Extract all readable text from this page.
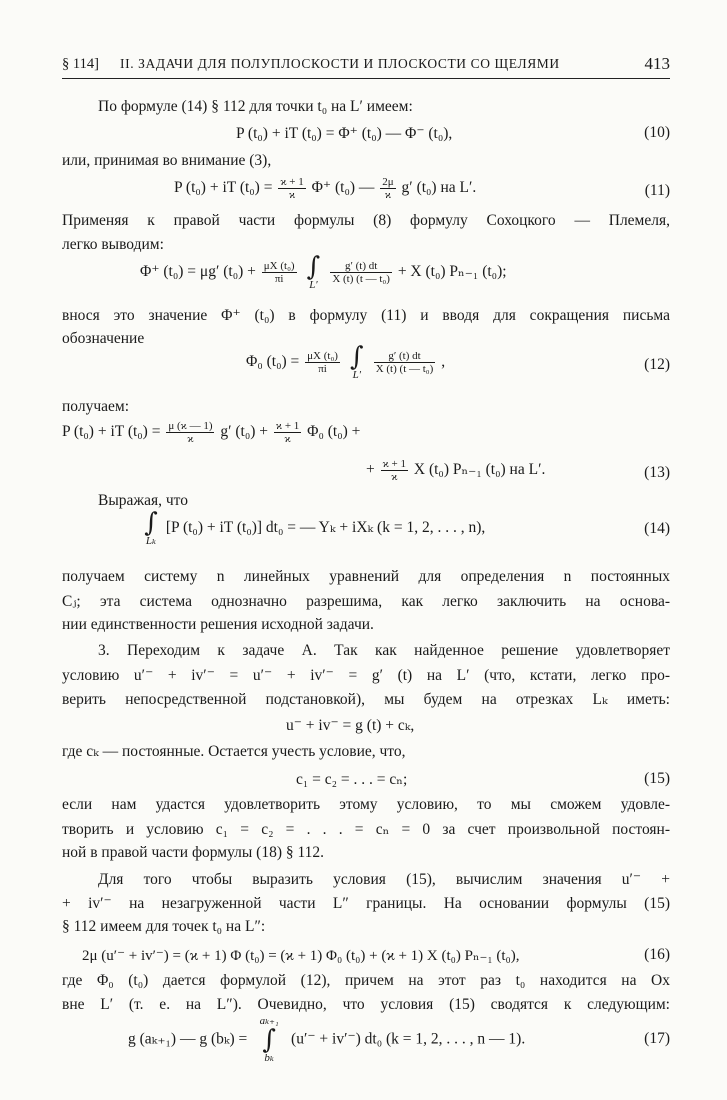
§ 114] II. ЗАДАЧИ ДЛЯ ПОЛУПЛОСКОСТИ И ПЛОСКОСТИ СО ЩЕЛЯМИ	413
По формуле (14) § 112 для точки t₀ на L′ имеем:
P (t₀) + iT (t₀) = Φ⁺ (t₀) — Φ⁻ (t₀),	(10)
или, принимая во внимание (3),
P (t₀) + iT $(t_0) = \frac{ϰ + 1}{ϰ} \Phi^+$ (t₀) — $\frac{2\mu}{ϰ} g'$ (t₀) на L′.	(11)
Применяя к правой части формулы (8) формулу Сохоцкого — Племеля,
легко выводим:
Φ⁺ (t₀) = μg′ $(t_0) + \frac{\text{μX (t₀)}}{\pi i}$
∫
L′
	$\frac{g' (t) dt}{\text{X (t) (t — t₀)}} + X$ (t₀) Pₙ₋₁ (t₀);
внося это значение Φ⁺ (t₀) в формулу (11) и вводя для сокращения письма
обозначение
Φ₀ $(t_0) = \frac{\text{μX (t₀)}}{\pi i}$
∫
L′
	$\frac{g' (t) dt}{\text{X (t) (t — t₀)}}$ ,	(12)
получаем:
P (t₀) + iT $(t_0) = \frac{\mu (ϰ — 1)}{ϰ} g'$ $(t_0) + \frac{ϰ + 1}{ϰ} \Phi_0$ (t₀) +
+ $\frac{ϰ + 1}{ϰ}$ X (t₀) Pₙ₋₁ (t₀) на L′.	(13)
Выражая, что
∫
Lₖ
[P (t₀) + iT (t₀)] dt₀ = — Yₖ + iXₖ (k = 1, 2, . . . , n),	(14)
получаем систему n линейных уравнений для определения n постоянных
Cⱼ; эта система однозначно разрешима, как легко заключить на основа-
нии единственности решения исходной задачи.
3. Переходим к задаче А. Так как найденное решение удовлетворяет
условию u′⁻ + iv′⁻ = u′⁻ + iv′⁻ = g′ (t) на L′ (что, кстати, легко про-
верить непосредственной подстановкой), мы будем на отрезках Lₖ иметь:
u⁻ + iv⁻ = g (t) + cₖ,
где cₖ — постоянные. Остается учесть условие, что,
c₁ = c₂ = . . . = cₙ;	(15)
если нам удастся удовлетворить этому условию, то мы сможем удовле-
творить и условию c₁ = c₂ = . . . = cₙ = 0 за счет произвольной постоян-
ной в правой части формулы (18) § 112.
Для того чтобы выразить условия (15), вычислим значения u′⁻ +
+ iv′⁻ на незагруженной части L″ границы. На основании формулы (15)
§ 112 имеем для точек t₀ на L″:
2μ (u′⁻ + iv′⁻) = (ϰ + 1) Φ (t₀) = (ϰ + 1) Φ₀ (t₀) + (ϰ + 1) X (t₀) Pₙ₋₁ (t₀),	(16)
где Φ₀ (t₀) дается формулой (12), причем на этот раз t₀ находится на Ox
вне L′ (т. е. на L″). Очевидно, что условия (15) сводятся к следующим:
g (aₖ₊₁) — g (bₖ) =
aₖ₊₁
∫
bₖ
(u′⁻ + iv′⁻) dt₀ (k = 1, 2, . . . , n — 1).	(17)
